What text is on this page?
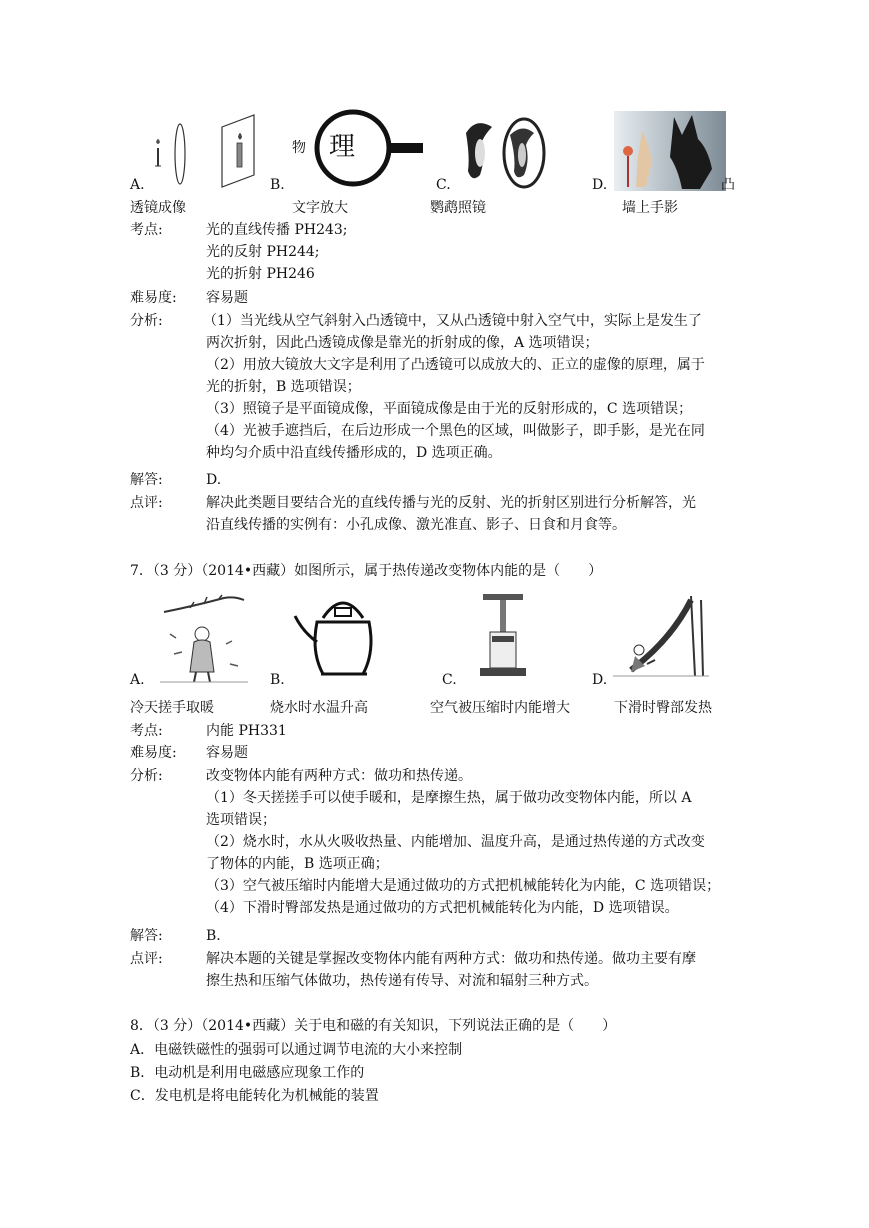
物 理
A.	B.	C.	D.	凸
透镜成像	文字放大	鹦鹉照镜	墙上手影
考点:	光的直线传播 PH243;
光的反射 PH244;
光的折射 PH246
难易度: 容易题
分析:	（1）当光线从空气斜射入凸透镜中，又从凸透镜中射入空气中，实际上是发生了
两次折射，因此凸透镜成像是靠光的折射成的像，A 选项错误；
（2）用放大镜放大文字是利用了凸透镜可以成放大的、正立的虚像的原理，属于
光的折射，B 选项错误；
（3）照镜子是平面镜成像，平面镜成像是由于光的反射形成的，C 选项错误；
（4）光被手遮挡后，在后边形成一个黑色的区域，叫做影子，即手影，是光在同
种均匀介质中沿直线传播形成的，D 选项正确。
解答:	D.
点评:	解决此类题目要结合光的直线传播与光的反射、光的折射区别进行分析解答，光
沿直线传播的实例有：小孔成像、激光准直、影子、日食和月食等。
7．（3 分）（2014•西藏）如图所示，属于热传递改变物体内能的是（　　）
A.	B.	C.	D.
冷天搓手取暖	烧水时水温升高	空气被压缩时内能增大	下滑时臀部发热
考点:	内能 PH331
难易度: 容易题
分析:	改变物体内能有两种方式：做功和热传递。
（1）冬天搓搓手可以使手暖和，是摩擦生热，属于做功改变物体内能，所以 A
选项错误；
（2）烧水时，水从火吸收热量、内能增加、温度升高，是通过热传递的方式改变
了物体的内能，B 选项正确；
（3）空气被压缩时内能增大是通过做功的方式把机械能转化为内能，C 选项错误；
（4）下滑时臀部发热是通过做功的方式把机械能转化为内能，D 选项错误。
解答:	B.
点评:	解决本题的关键是掌握改变物体内能有两种方式：做功和热传递。做功主要有摩
擦生热和压缩气体做功，热传递有传导、对流和辐射三种方式。
8．（3 分）（2014•西藏）关于电和磁的有关知识，下列说法正确的是（　　）
A．电磁铁磁性的强弱可以通过调节电流的大小来控制
B．电动机是利用电磁感应现象工作的
C．发电机是将电能转化为机械能的装置
